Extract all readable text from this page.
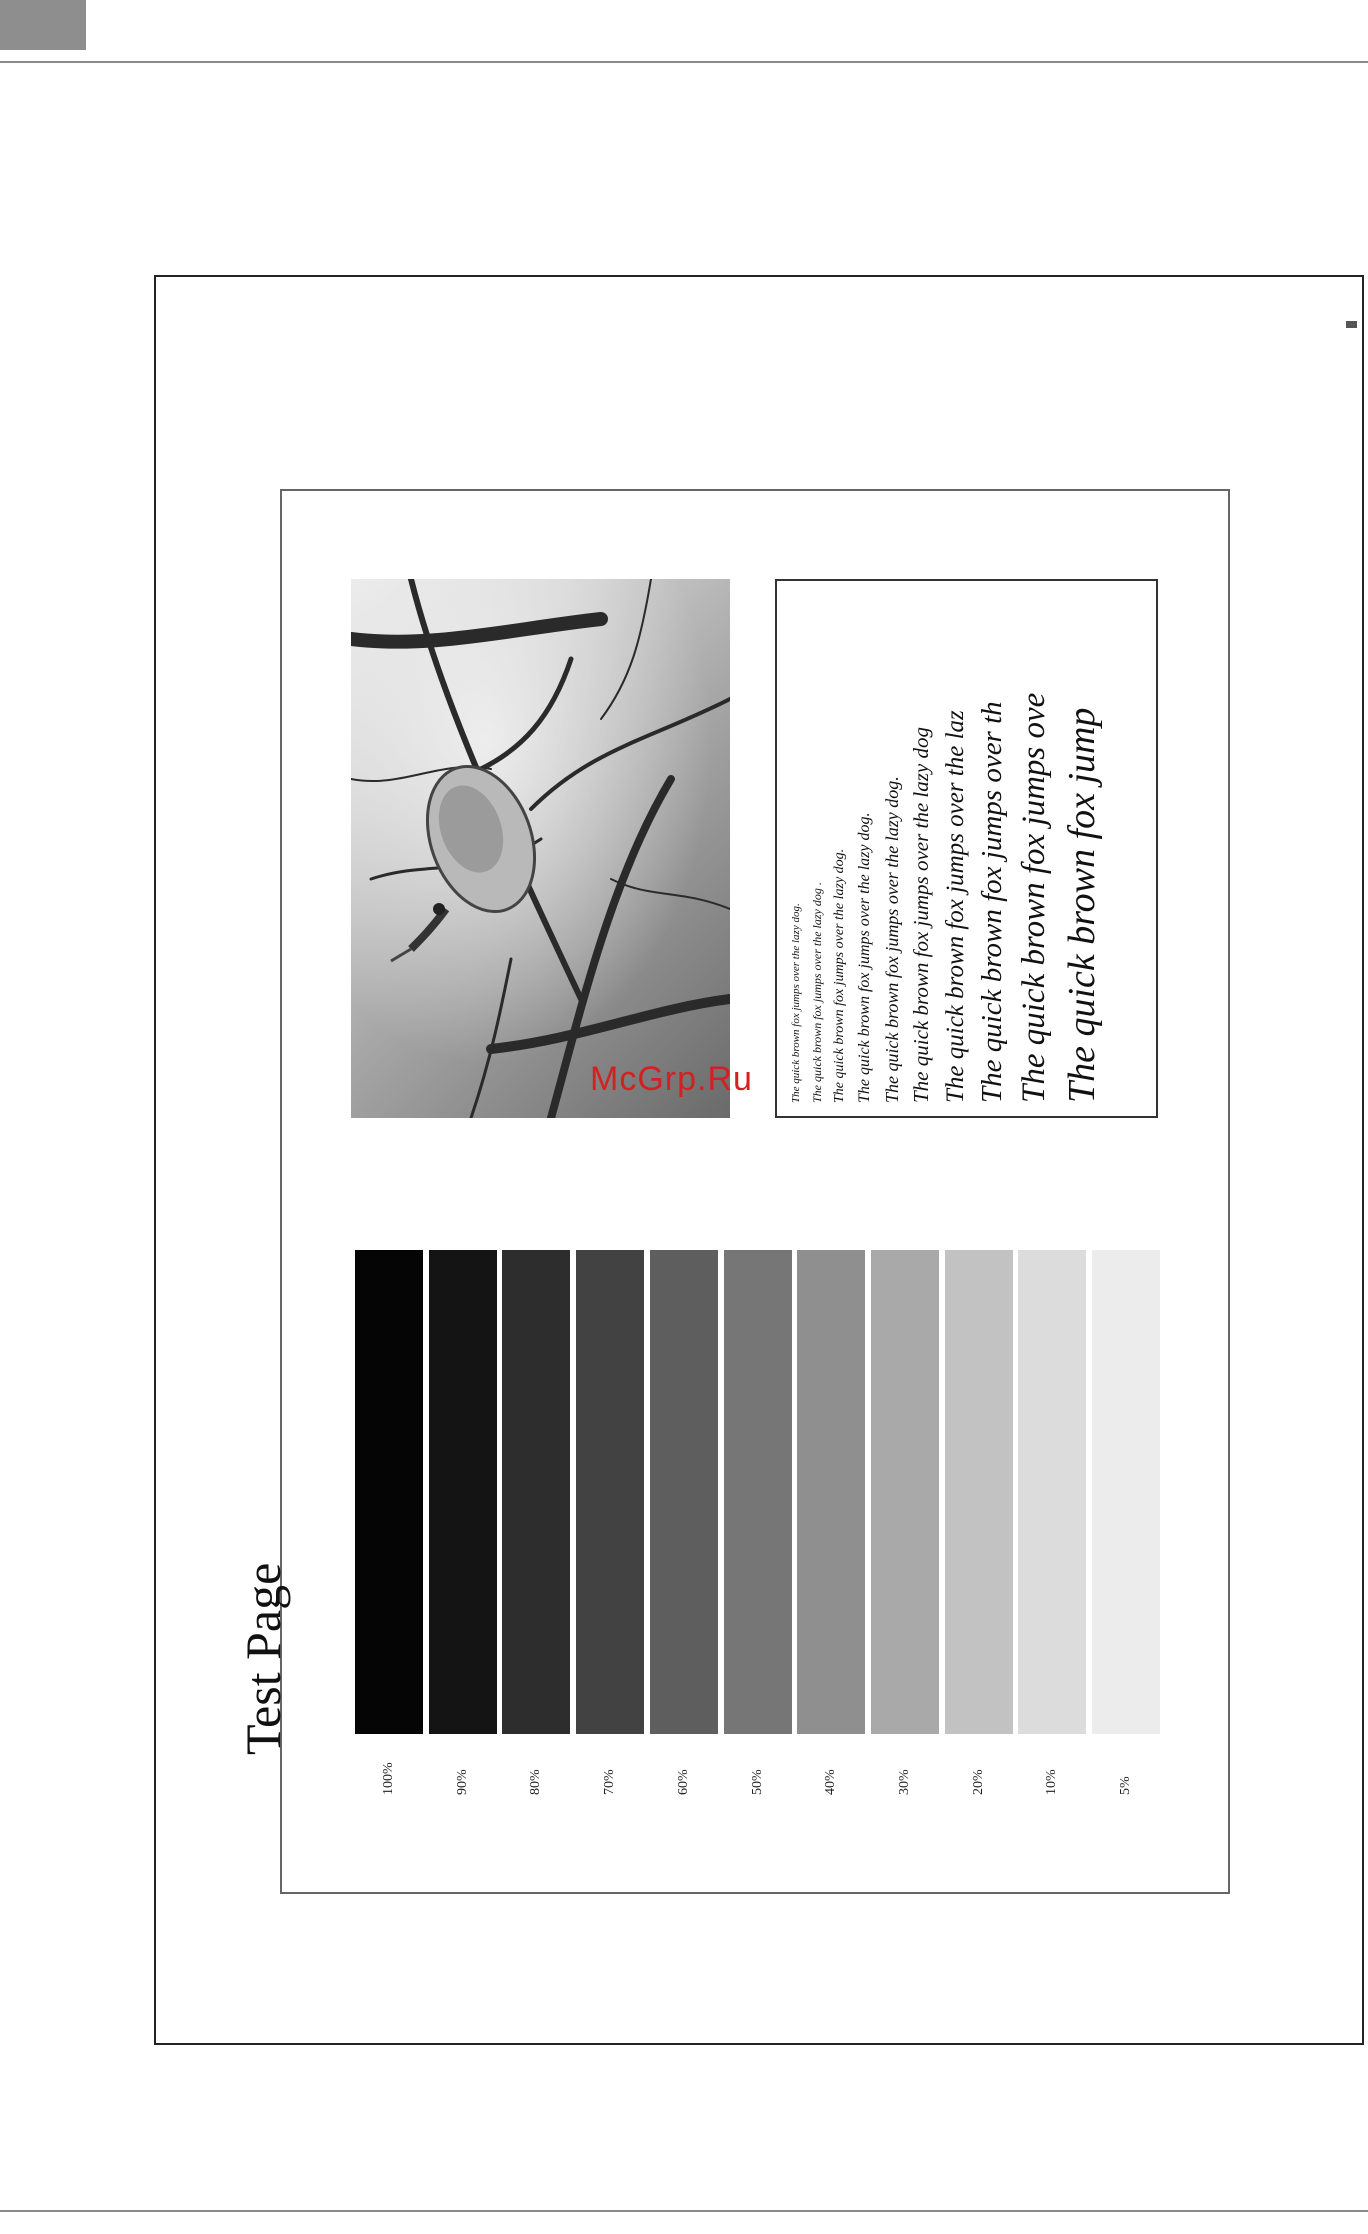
Test Page
100%	90%	80%	70%	60%	50%	40%	30%	20%	10%	5%
The quick brown fox jumps over the lazy dog. The quick brown fox jumps over the lazy dog . The quick brown fox jumps over the lazy dog. The quick brown fox jumps over the lazy dog. The quick brown fox jumps over the lazy dog. The quick brown fox jumps over the lazy dog The quick brown fox jumps over the laz The quick brown fox jumps over th The quick brown fox jumps ove The quick brown fox jump
McGrp.Ru
